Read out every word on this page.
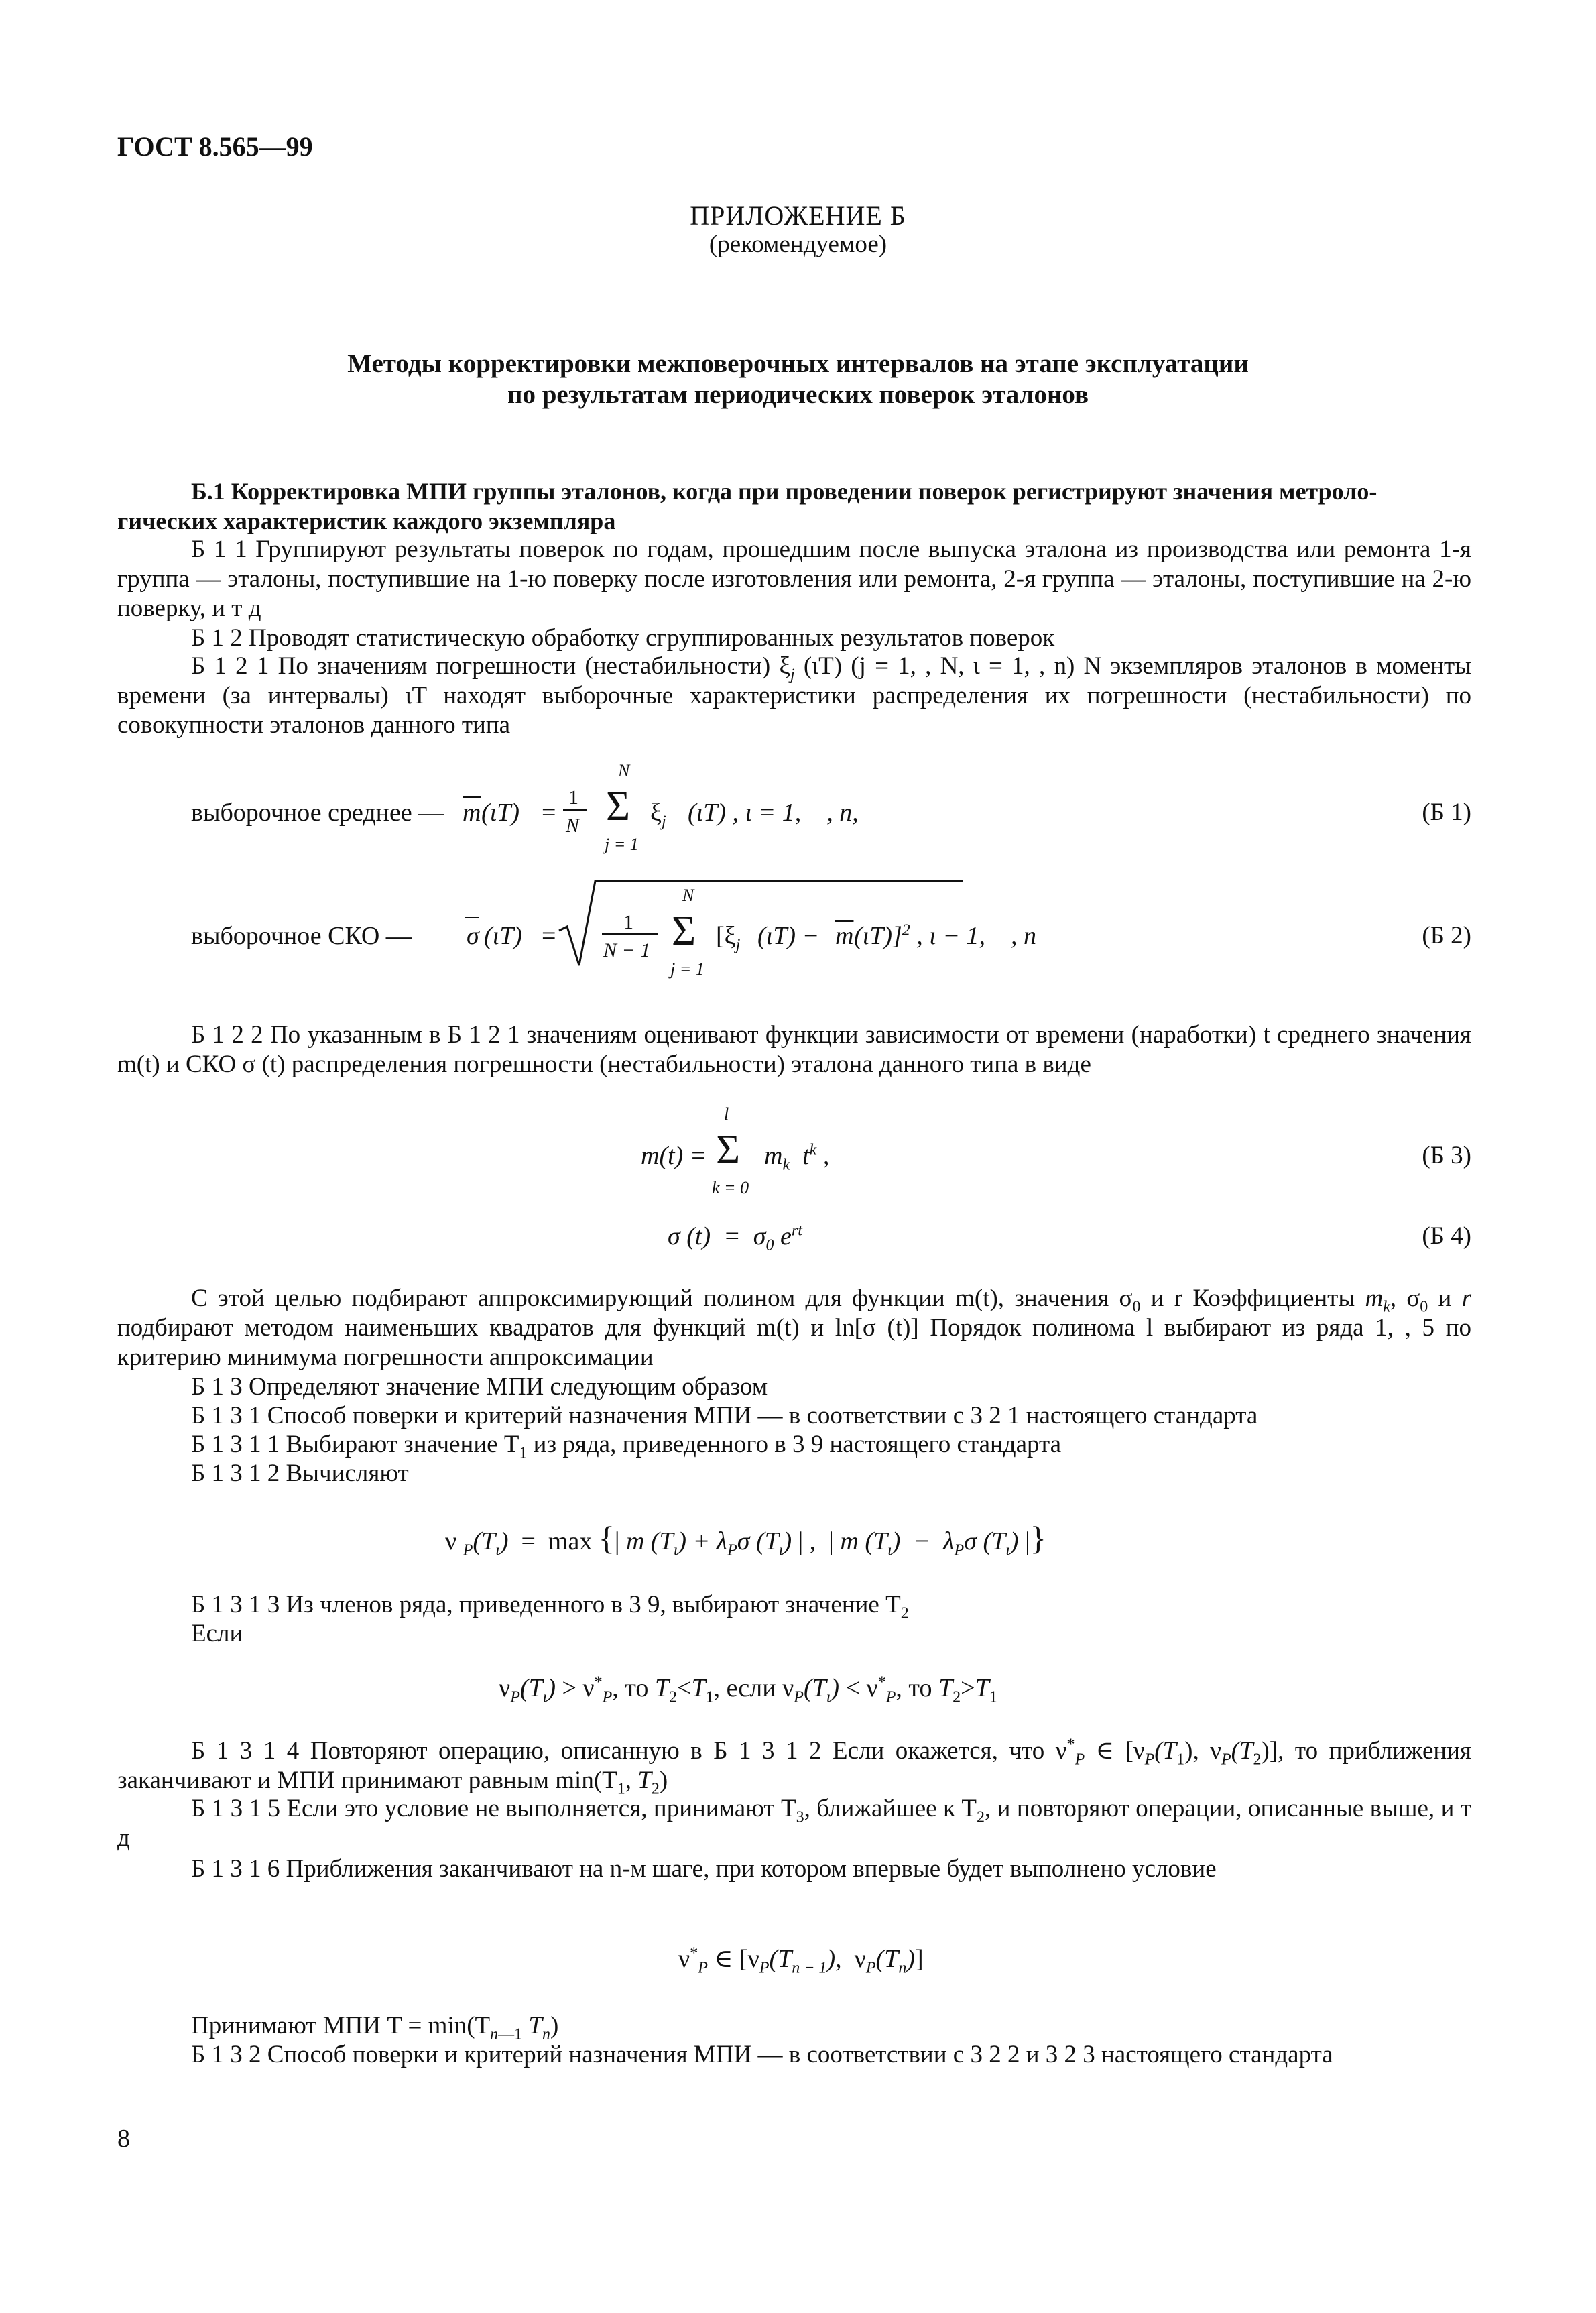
ГОСТ 8.565—99
ПРИЛОЖЕНИЕ Б
(рекомендуемое)
Методы корректировки межповерочных интервалов на этапе эксплуатации
по результатам периодических поверок эталонов
Б.1 Корректировка МПИ группы эталонов, когда при проведении поверок регистрируют значения метроло-
гических характеристик каждого экземпляра
Б 1 1 Группируют результаты поверок по годам, прошедшим после выпуска эталона из производства или ремонта 1-я группа — эталоны, поступившие на 1-ю поверку после изготовления или ремонта, 2-я группа — эталоны, поступившие на 2-ю поверку, и т д
Б 1 2 Проводят статистическую обработку сгруппированных результатов поверок
Б 1 2 1 По значениям погрешности (нестабильности) $\xi_j$ (ιT) (j = 1, , N, ι = 1, , n) N экземпляров эталонов в моменты времени (за интервалы) ιT находят выборочные характеристики распределения их погрешности (нестабильности) по совокупности эталонов данного типа
выборочное среднее — $\overline{m}$ (ιT) =
1
N
N
Σ
j = 1
$\xi_j$ (ιT) , ι = 1,    , n,	(Б 1)
выборочное СКО — σ (ιT) =	1
N − 1
N
Σ
j = 1
[$\xi_j$ $(\iota T) - \overline{m}$ (ιT)]$^2$ , ι − 1,    , n	(Б 2)
Б 1 2 2 По указанным в Б 1 2 1 значениям оценивают функции зависимости от времени (наработки) t среднего значения m(t) и СКО σ (t) распределения погрешности (нестабильности) эталона данного типа в виде
m(t) =
l
Σ
k = 0
$m_k$  $t^k$ ,	(Б 3)
σ $(t) = \sigma_0$ $e^{rt}$	(Б 4)
С этой целью подбирают аппроксимирующий полином для функции m(t), значения $\sigma_0$ и r Коэффициенты $m_k$, $\sigma_0$ и r подбирают методом наименьших квадратов для функций m(t) и ln[σ (t)] Порядок полинома l выбирают из ряда 1, , 5 по критерию минимума погрешности аппроксимации
Б 1 3 Определяют значение МПИ следующим образом
Б 1 3 1 Способ поверки и критерий назначения МПИ — в соответствии с 3 2 1 настоящего стандарта
Б 1 3 1 1 Выбирают значение $T_1$ из ряда, приведенного в 3 9 настоящего стандарта
Б 1 3 1 2 Вычисляют
ν $_P(T_\iota) = \max$ {| m $(T_\iota) + \lambda_P\sigma$ $(T_\iota)$ | ,  | m $(T_\iota) - \lambda_P\sigma$ $(T_\iota)$ |}
Б 1 3 1 3 Из членов ряда, приведенного в 3 9, выбирают значение $T_2$
Если
$\nu_P(T_\iota) > \nu^*_P$, то $T_2<T_1$, если $\nu_P(T_\iota) < \nu^*_P$, то $T_2>T_1$
Б 1 3 1 4 Повторяют операцию, описанную в Б 1 3 1 2 Если окажется, что $\nu^*_P$ ∈ [$\nu_P(T_1)$, $\nu_P(T_2)$], то приближения заканчивают и МПИ принимают равным $\min(T_1$, $T_2$)
Б 1 3 1 5 Если это условие не выполняется, принимают $T_3$, ближайшее к $T_2$, и повторяют операции, описанные выше, и т д
Б 1 3 1 6 Приближения заканчивают на n-м шаге, при котором впервые будет выполнено условие
$\nu^*_P$ ∈ [$\nu_P(T_{n - 1})$,  $\nu_P(T_n)$]
Принимают МПИ $T = \min(T_{n—1}$ $T_n$)
Б 1 3 2 Способ поверки и критерий назначения МПИ — в соответствии с 3 2 2 и 3 2 3 настоящего стандарта
8
